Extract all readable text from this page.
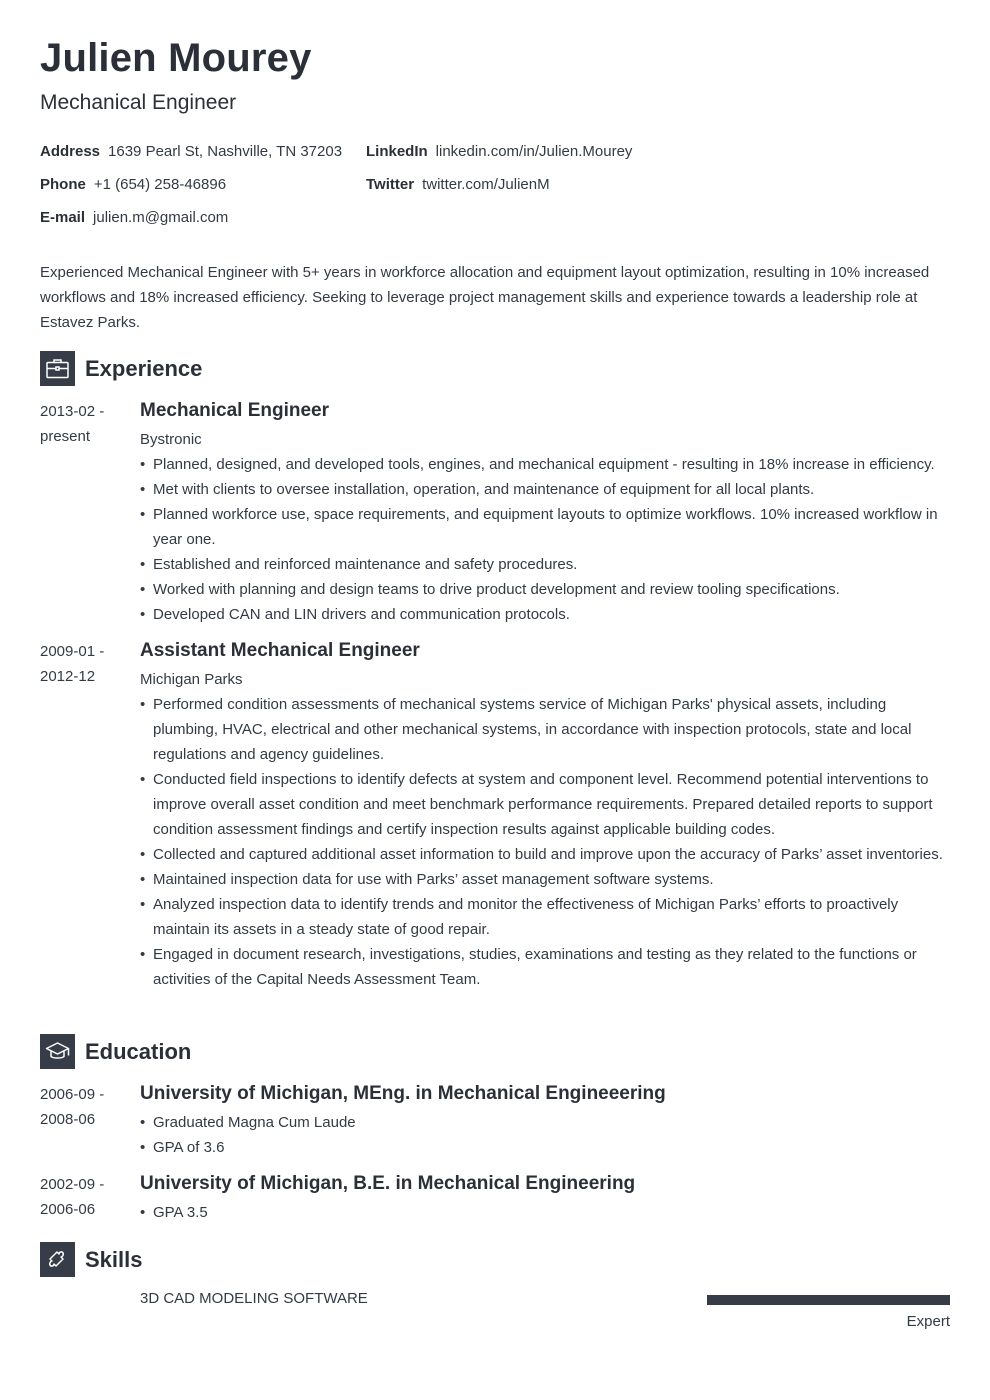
Julien Mourey
Mechanical Engineer
Address 1639 Pearl St, Nashville, TN 37203
Phone +1 (654) 258-46896
E-mail julien.m@gmail.com
LinkedIn linkedin.com/in/Julien.Mourey
Twitter twitter.com/JulienM
Experienced Mechanical Engineer with 5+ years in workforce allocation and equipment layout optimization, resulting in 10% increased workflows and 18% increased efficiency. Seeking to leverage project management skills and experience towards a leadership role at Estavez Parks.
Experience
2013-02 -
present
Mechanical Engineer
Bystronic
• Planned, designed, and developed tools, engines, and mechanical equipment - resulting in 18% increase in efficiency.
• Met with clients to oversee installation, operation, and maintenance of equipment for all local plants.
• Planned workforce use, space requirements, and equipment layouts to optimize workflows. 10% increased workflow in year one.
• Established and reinforced maintenance and safety procedures.
• Worked with planning and design teams to drive product development and review tooling specifications.
• Developed CAN and LIN drivers and communication protocols.
2009-01 -
2012-12
Assistant Mechanical Engineer
Michigan Parks
• Performed condition assessments of mechanical systems service of Michigan Parks' physical assets, including plumbing, HVAC, electrical and other mechanical systems, in accordance with inspection protocols, state and local regulations and agency guidelines.
• Conducted field inspections to identify defects at system and component level. Recommend potential interventions to improve overall asset condition and meet benchmark performance requirements. Prepared detailed reports to support condition assessment findings and certify inspection results against applicable building codes.
• Collected and captured additional asset information to build and improve upon the accuracy of Parks’ asset inventories.
• Maintained inspection data for use with Parks’ asset management software systems.
• Analyzed inspection data to identify trends and monitor the effectiveness of Michigan Parks’ efforts to proactively maintain its assets in a steady state of good repair.
• Engaged in document research, investigations, studies, examinations and testing as they related to the functions or activities of the Capital Needs Assessment Team.
Education
2006-09 -
2008-06
University of Michigan, MEng. in Mechanical Engineeering
• Graduated Magna Cum Laude
• GPA of 3.6
2002-09 -
2006-06
University of Michigan, B.E. in Mechanical Engineering
• GPA 3.5
Skills
3D CAD MODELING SOFTWARE
Expert
